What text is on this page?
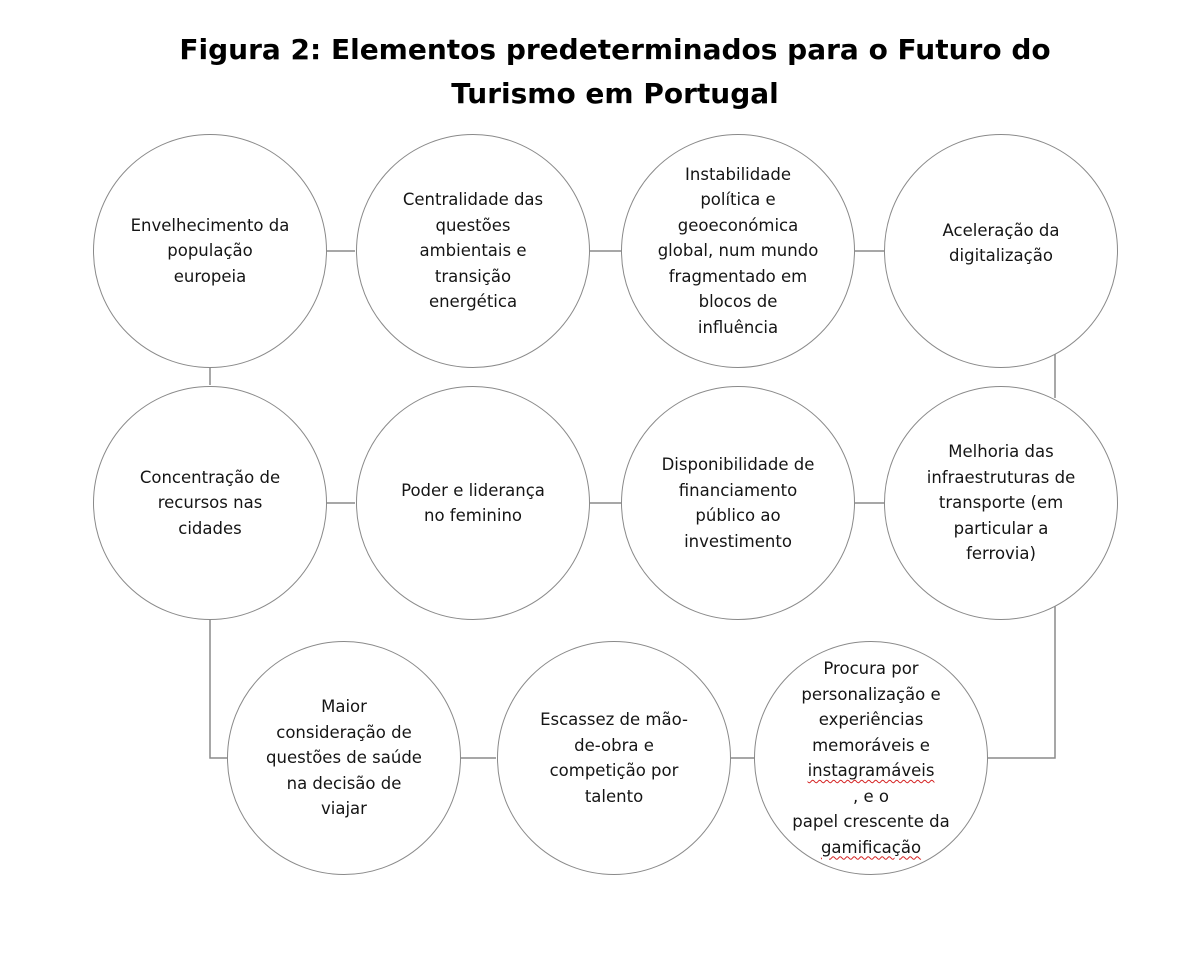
Figura 2: Elementos predeterminados para o Futuro do
Turismo em Portugal
Envelhecimento da
população
europeia
Centralidade das
questões
ambientais e
transição
energética
Instabilidade
política e
geoeconómica
global, num mundo
fragmentado em
blocos de
influência
Aceleração da
digitalização
Concentração de
recursos nas
cidades
Poder e liderança
no feminino
Disponibilidade de
financiamento
público ao
investimento
Melhoria das
infraestruturas de
transporte (em
particular a
ferrovia)
Maior
consideração de
questões de saúde
na decisão de
viajar
Escassez de mão-
de-obra e
competição por
talento
Procura por
personalização e
experiências
memoráveis e
instagramáveis
, e o
papel crescente da
gamificação
